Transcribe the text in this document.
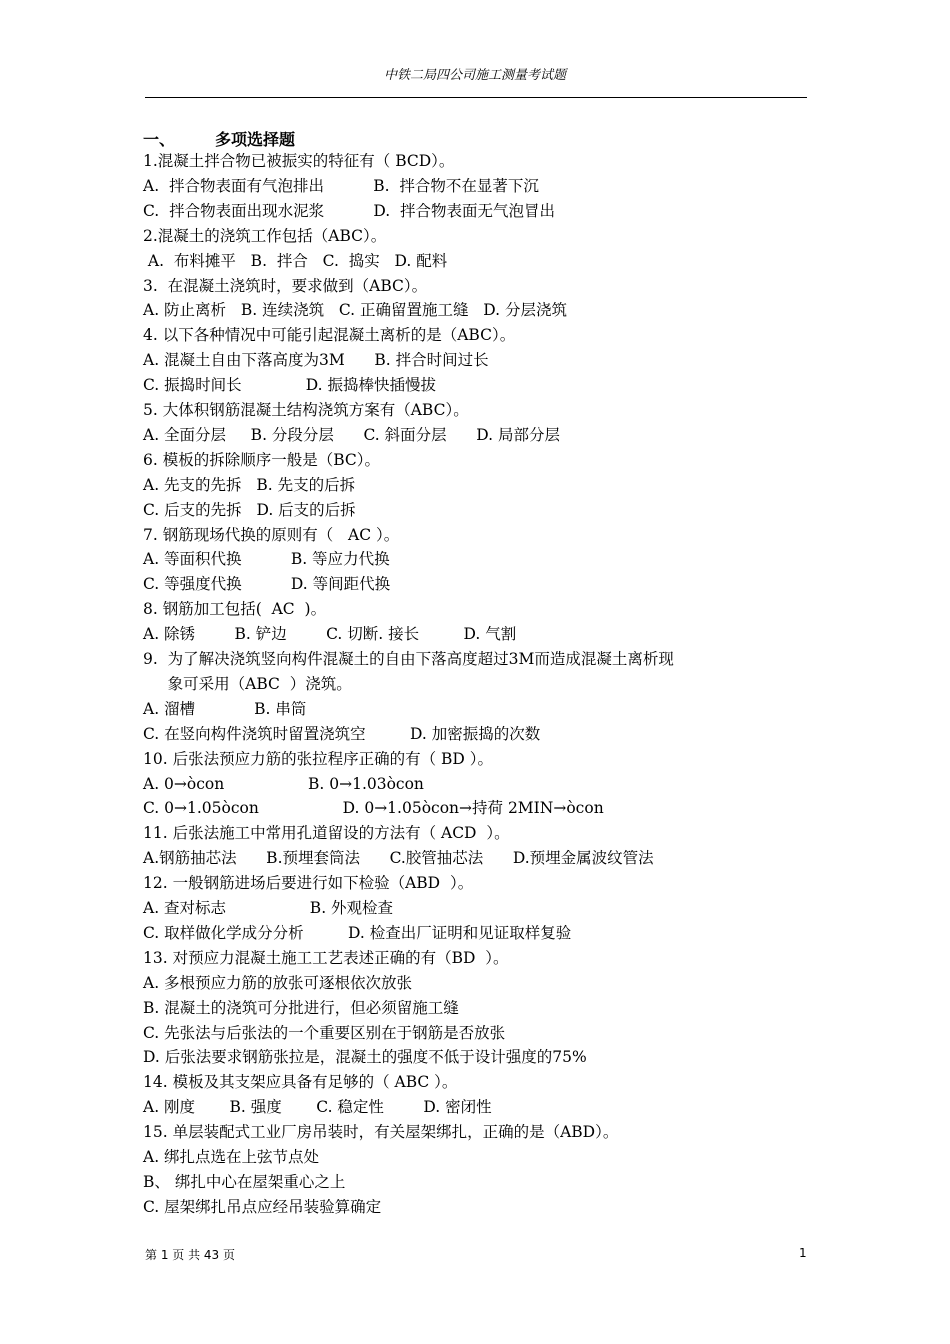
中铁二局四公司施工测量考试题
一、	多项选择题
1.混凝土拌合物已被振实的特征有（ BCD）。
A.  拌合物表面有气泡排出          B.  拌合物不在显著下沉
C.  拌合物表面出现水泥浆          D.  拌合物表面无气泡冒出
2.混凝土的浇筑工作包括（ABC）。
A.  布料摊平   B.  拌合   C.  捣实   D. 配料
3.  在混凝土浇筑时，要求做到（ABC）。
A. 防止离析   B. 连续浇筑   C. 正确留置施工缝   D. 分层浇筑
4. 以下各种情况中可能引起混凝土离析的是（ABC）。
A. 混凝土自由下落高度为3M      B. 拌合时间过长
C. 振捣时间长             D. 振捣棒快插慢拔
5. 大体积钢筋混凝土结构浇筑方案有（ABC）。
A. 全面分层     B. 分段分层      C. 斜面分层      D. 局部分层
6. 模板的拆除顺序一般是（BC）。
A. 先支的先拆   B. 先支的后拆
C. 后支的先拆   D. 后支的后拆
7. 钢筋现场代换的原则有（   AC ）。
A. 等面积代换          B. 等应力代换
C. 等强度代换          D. 等间距代换
8. 钢筋加工包括(  AC  )。
A. 除锈        B. 铲边        C. 切断. 接长         D. 气割
9.  为了解决浇筑竖向构件混凝土的自由下落高度超过3M而造成混凝土离析现
象可采用（ABC  ）浇筑。
A. 溜槽            B. 串筒
C. 在竖向构件浇筑时留置浇筑空         D. 加密振捣的次数
10. 后张法预应力筋的张拉程序正确的有（ BD ）。
A. 0→òcon                 B. 0→1.03òcon
C. 0→1.05òcon                 D. 0→1.05òcon→持荷 2MIN→òcon
11. 后张法施工中常用孔道留设的方法有（ ACD  ）。
A.钢筋抽芯法      B.预埋套筒法      C.胶管抽芯法      D.预埋金属波纹管法
12. 一般钢筋进场后要进行如下检验（ABD  ）。
A. 查对标志                 B. 外观检查
C. 取样做化学成分分析         D. 检查出厂证明和见证取样复验
13. 对预应力混凝土施工工艺表述正确的有（BD  ）。
A. 多根预应力筋的放张可逐根依次放张
B. 混凝土的浇筑可分批进行，但必须留施工缝
C. 先张法与后张法的一个重要区别在于钢筋是否放张
D. 后张法要求钢筋张拉是，混凝土的强度不低于设计强度的75%
14. 模板及其支架应具备有足够的（ ABC ）。
A. 刚度       B. 强度       C. 稳定性        D. 密闭性
15. 单层装配式工业厂房吊装时，有关屋架绑扎，正确的是（ABD）。
A. 绑扎点选在上弦节点处
B、 绑扎中心在屋架重心之上
C. 屋架绑扎吊点应经吊装验算确定
第 1 页 共 43 页	1
